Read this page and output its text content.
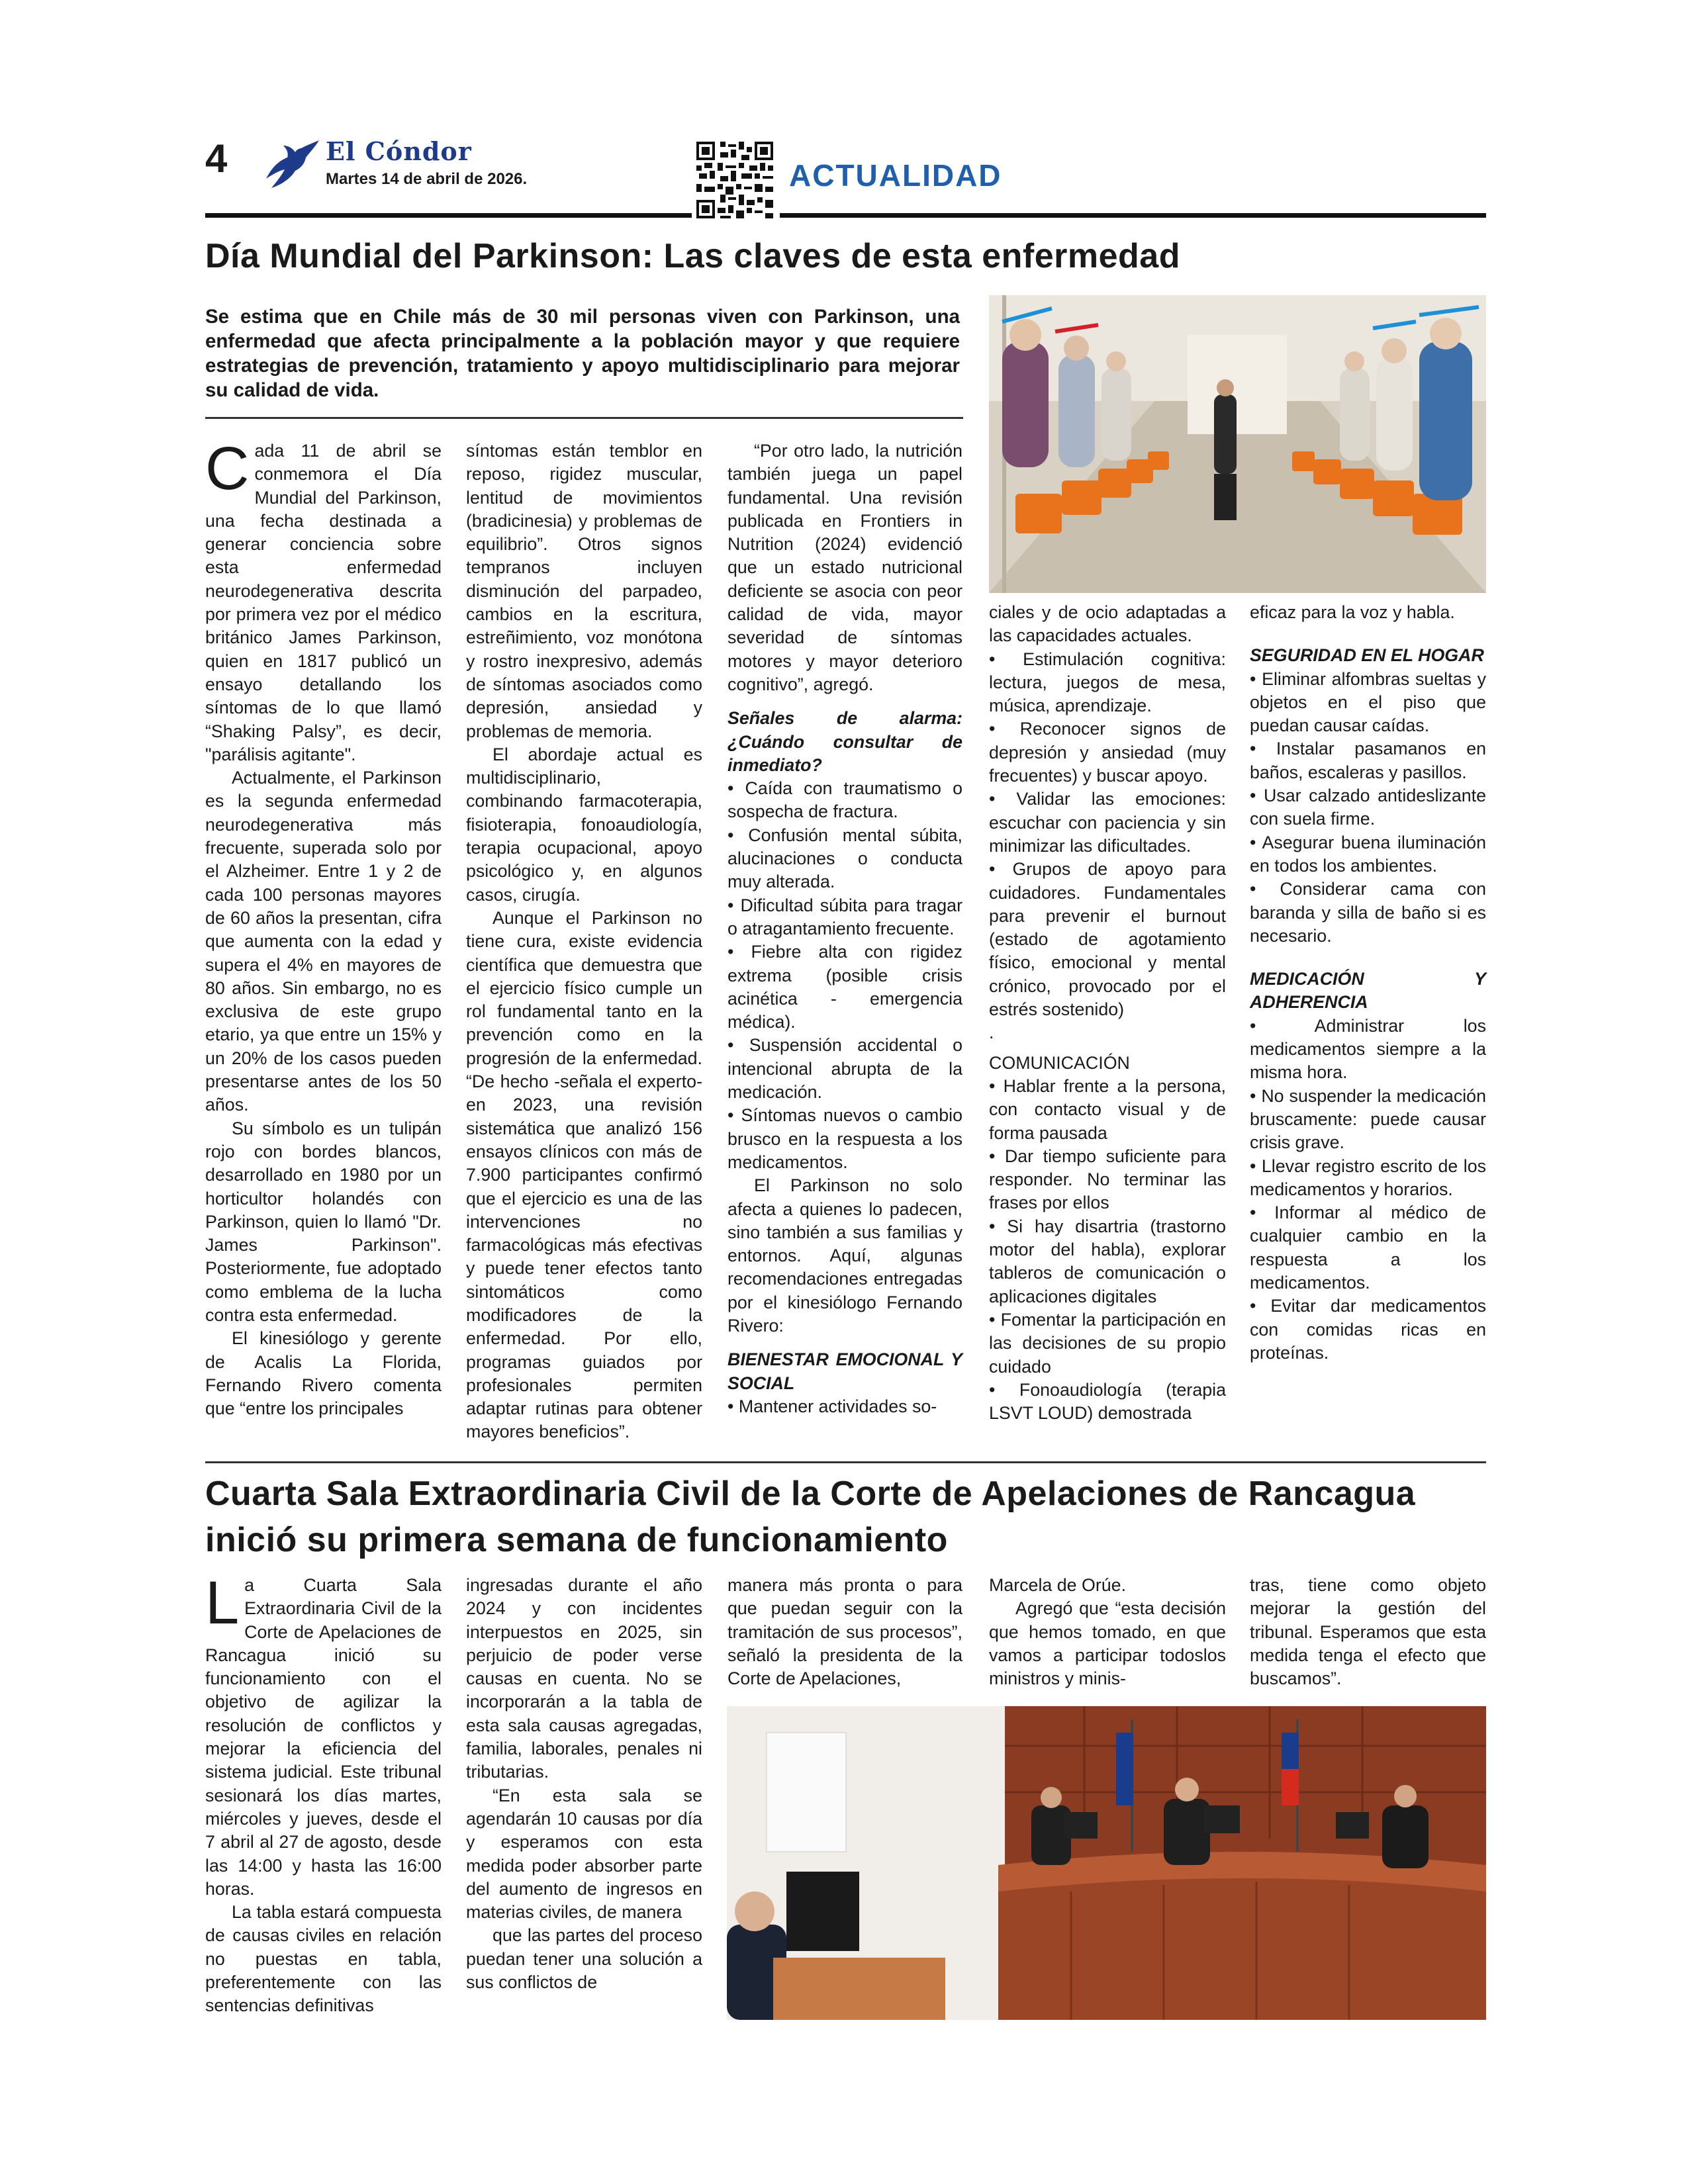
4	El Cóndor
Martes 14 de abril de 2026.	ACTUALIDAD
Día Mundial del Parkinson: Las claves de esta enfermedad
Se estima que en Chile más de 30 mil personas viven con Parkinson, una enfermedad que afecta principalmente a la población mayor y que requiere estrategias de prevención, tratamiento y apoyo multidisciplinario para mejorar su calidad de vida.

Cada 11 de abril se conmemora el Día Mundial del Parkinson, una fecha destinada a generar conciencia sobre esta enfermedad neurodegenerativa descrita por primera vez por el médico británico James Parkinson, quien en 1817 publicó un ensayo detallando los síntomas de lo que llamó “Shaking Palsy”, es decir, "parálisis agitante".

Actualmente, el Parkinson es la segunda enfermedad neurodegenerativa más frecuente, superada solo por el Alzheimer. Entre 1 y 2 de cada 100 personas mayores de 60 años la presentan, cifra que aumenta con la edad y supera el 4% en mayores de 80 años. Sin embargo, no es exclusiva de este grupo etario, ya que entre un 15% y un 20% de los casos pueden presentarse antes de los 50 años.

Su símbolo es un tulipán rojo con bordes blancos, desarrollado en 1980 por un horticultor holandés con Parkinson, quien lo llamó "Dr. James Parkinson". Posteriormente, fue adoptado como emblema de la lucha contra esta enfermedad.

El kinesiólogo y gerente de Acalis La Florida, Fernando Rivero comenta que “entre los principales

síntomas están temblor en reposo, rigidez muscular, lentitud de movimientos (bradicinesia) y problemas de equilibrio”. Otros signos tempranos incluyen disminución del parpadeo, cambios en la escritura, estreñimiento, voz monótona y rostro inexpresivo, además de síntomas asociados como depresión, ansiedad y problemas de memoria.

El abordaje actual es multidisciplinario, combinando farmacoterapia, fisioterapia, fonoaudiología, terapia ocupacional, apoyo psicológico y, en algunos casos, cirugía.

Aunque el Parkinson no tiene cura, existe evidencia científica que demuestra que el ejercicio físico cumple un rol fundamental tanto en la prevención como en la progresión de la enfermedad. “De hecho -señala el experto- en 2023, una revisión sistemática que analizó 156 ensayos clínicos con más de 7.900 participantes confirmó que el ejercicio es una de las intervenciones no farmacológicas más efectivas y puede tener efectos tanto sintomáticos como modificadores de la enfermedad. Por ello, programas guiados por profesionales permiten adaptar rutinas para obtener mayores beneficios”.

“Por otro lado, la nutrición también juega un papel fundamental. Una revisión publicada en Frontiers in Nutrition (2024) evidenció que un estado nutricional deficiente se asocia con peor calidad de vida, mayor severidad de síntomas motores y mayor deterioro cognitivo”, agregó.

Señales de alarma: ¿Cuándo consultar de inmediato?

• Caída con traumatismo o sospecha de fractura.

• Confusión mental súbita, alucinaciones o conducta muy alterada.

• Dificultad súbita para tragar o atragantamiento frecuente.

• Fiebre alta con rigidez extrema (posible crisis acinética - emergencia médica).

• Suspensión accidental o intencional abrupta de la medicación.

• Síntomas nuevos o cambio brusco en la respuesta a los medicamentos.

El Parkinson no solo afecta a quienes lo padecen, sino también a sus familias y entornos. Aquí, algunas recomendaciones entregadas por el kinesiólogo Fernando Rivero:

BIENESTAR EMOCIONAL Y SOCIAL

• Mantener actividades so-

ciales y de ocio adaptadas a las capacidades actuales.

• Estimulación cognitiva: lectura, juegos de mesa, música, aprendizaje.

• Reconocer signos de depresión y ansiedad (muy frecuentes) y buscar apoyo.

• Validar las emociones: escuchar con paciencia y sin minimizar las dificultades.

• Grupos de apoyo para cuidadores. Fundamentales para prevenir el burnout (estado de agotamiento físico, emocional y mental crónico, provocado por el estrés sostenido)

.

COMUNICACIÓN

• Hablar frente a la persona, con contacto visual y de forma pausada

• Dar tiempo suficiente para responder. No terminar las frases por ellos

• Si hay disartria (trastorno motor del habla), explorar tableros de comunicación o aplicaciones digitales

• Fomentar la participación en las decisiones de su propio cuidado

• Fonoaudiología (terapia LSVT LOUD) demostrada

eficaz para la voz y habla.

SEGURIDAD EN EL HOGAR

• Eliminar alfombras sueltas y objetos en el piso que puedan causar caídas.

• Instalar pasamanos en baños, escaleras y pasillos.

• Usar calzado antideslizante con suela firme.

• Asegurar buena iluminación en todos los ambientes.

• Considerar cama con baranda y silla de baño si es necesario.

MEDICACIÓN Y ADHERENCIA

• Administrar los medicamentos siempre a la misma hora.

• No suspender la medicación bruscamente: puede causar crisis grave.

• Llevar registro escrito de los medicamentos y horarios.

• Informar al médico de cualquier cambio en la respuesta a los medicamentos.

• Evitar dar medicamentos con comidas ricas en proteínas.

Cuarta Sala Extraordinaria Civil de la Corte de Apelaciones de Rancagua inició su primera semana de funcionamiento

La Cuarta Sala Extraordinaria Civil de la Corte de Apelaciones de Rancagua inició su funcionamiento con el objetivo de agilizar la resolución de conflictos y mejorar la eficiencia del sistema judicial. Este tribunal sesionará los días martes, miércoles y jueves, desde el 7 abril al 27 de agosto, desde las 14:00 y hasta las 16:00 horas.

La tabla estará compuesta de causas civiles en relación no puestas en tabla, preferentemente con las sentencias definitivas

ingresadas durante el año 2024 y con incidentes interpuestos en 2025, sin perjuicio de poder verse causas en cuenta. No se incorporarán a la tabla de esta sala causas agregadas, familia, laborales, penales ni tributarias.

“En esta sala se agendarán 10 causas por día y esperamos con esta medida poder absorber parte del aumento de ingresos en materias civiles, de manera

que las partes del proceso puedan tener una solución a sus conflictos de

manera más pronta o para que puedan seguir con la tramitación de sus procesos”, señaló la presidenta de la Corte de Apelaciones,

Marcela de Orúe.

Agregó que “esta decisión que hemos tomado, en que vamos a participar todoslos ministros y minis-

tras, tiene como objeto mejorar la gestión del tribunal. Esperamos que esta medida tenga el efecto que buscamos”.
